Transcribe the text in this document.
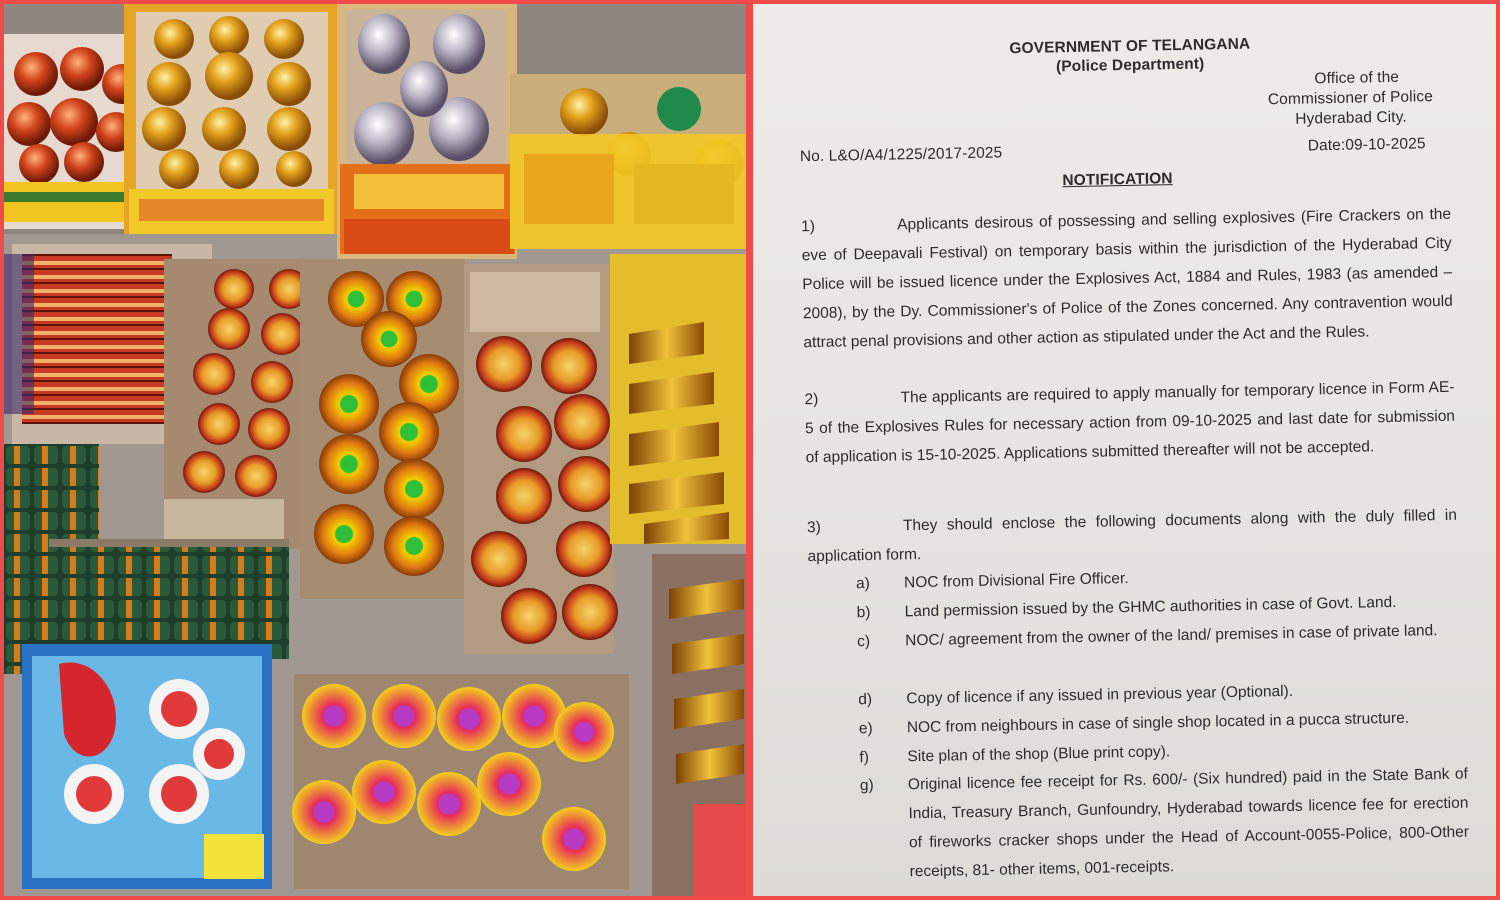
GOVERNMENT OF TELANGANA
(Police Department)
Office of the
Commissioner of Police
Hyderabad City.
Date:09-10-2025
No. L&O/A4/1225/2017-2025
NOTIFICATION
1)	Applicants desirous of possessing and selling explosives (Fire Crackers on the eve of Deepavali Festival) on temporary basis within the jurisdiction of the Hyderabad City Police will be issued licence under the Explosives Act, 1884 and Rules, 1983 (as amended – 2008), by the Dy. Commissioner's of Police of the Zones concerned. Any contravention would attract penal provisions and other action as stipulated under the Act and the Rules.
2)	The applicants are required to apply manually for temporary licence in Form AE-5 of the Explosives Rules for necessary action from 09-10-2025 and last date for submission of application is 15-10-2025. Applications submitted thereafter will not be accepted.
3)	They should enclose the following documents along with the duly filled in application form.
a) NOC from Divisional Fire Officer.
b) Land permission issued by the GHMC authorities in case of Govt. Land.
c) NOC/ agreement from the owner of the land/ premises in case of private land.
d) Copy of licence if any issued in previous year (Optional).
e) NOC from neighbours in case of single shop located in a pucca structure.
f) Site plan of the shop (Blue print copy).
g) Original licence fee receipt for Rs. 600/- (Six hundred) paid in the State Bank of India, Treasury Branch, Gunfoundry, Hyderabad towards licence fee for erection of fireworks cracker shops under the Head of Account-0055-Police, 800-Other receipts, 81- other items, 001-receipts.
